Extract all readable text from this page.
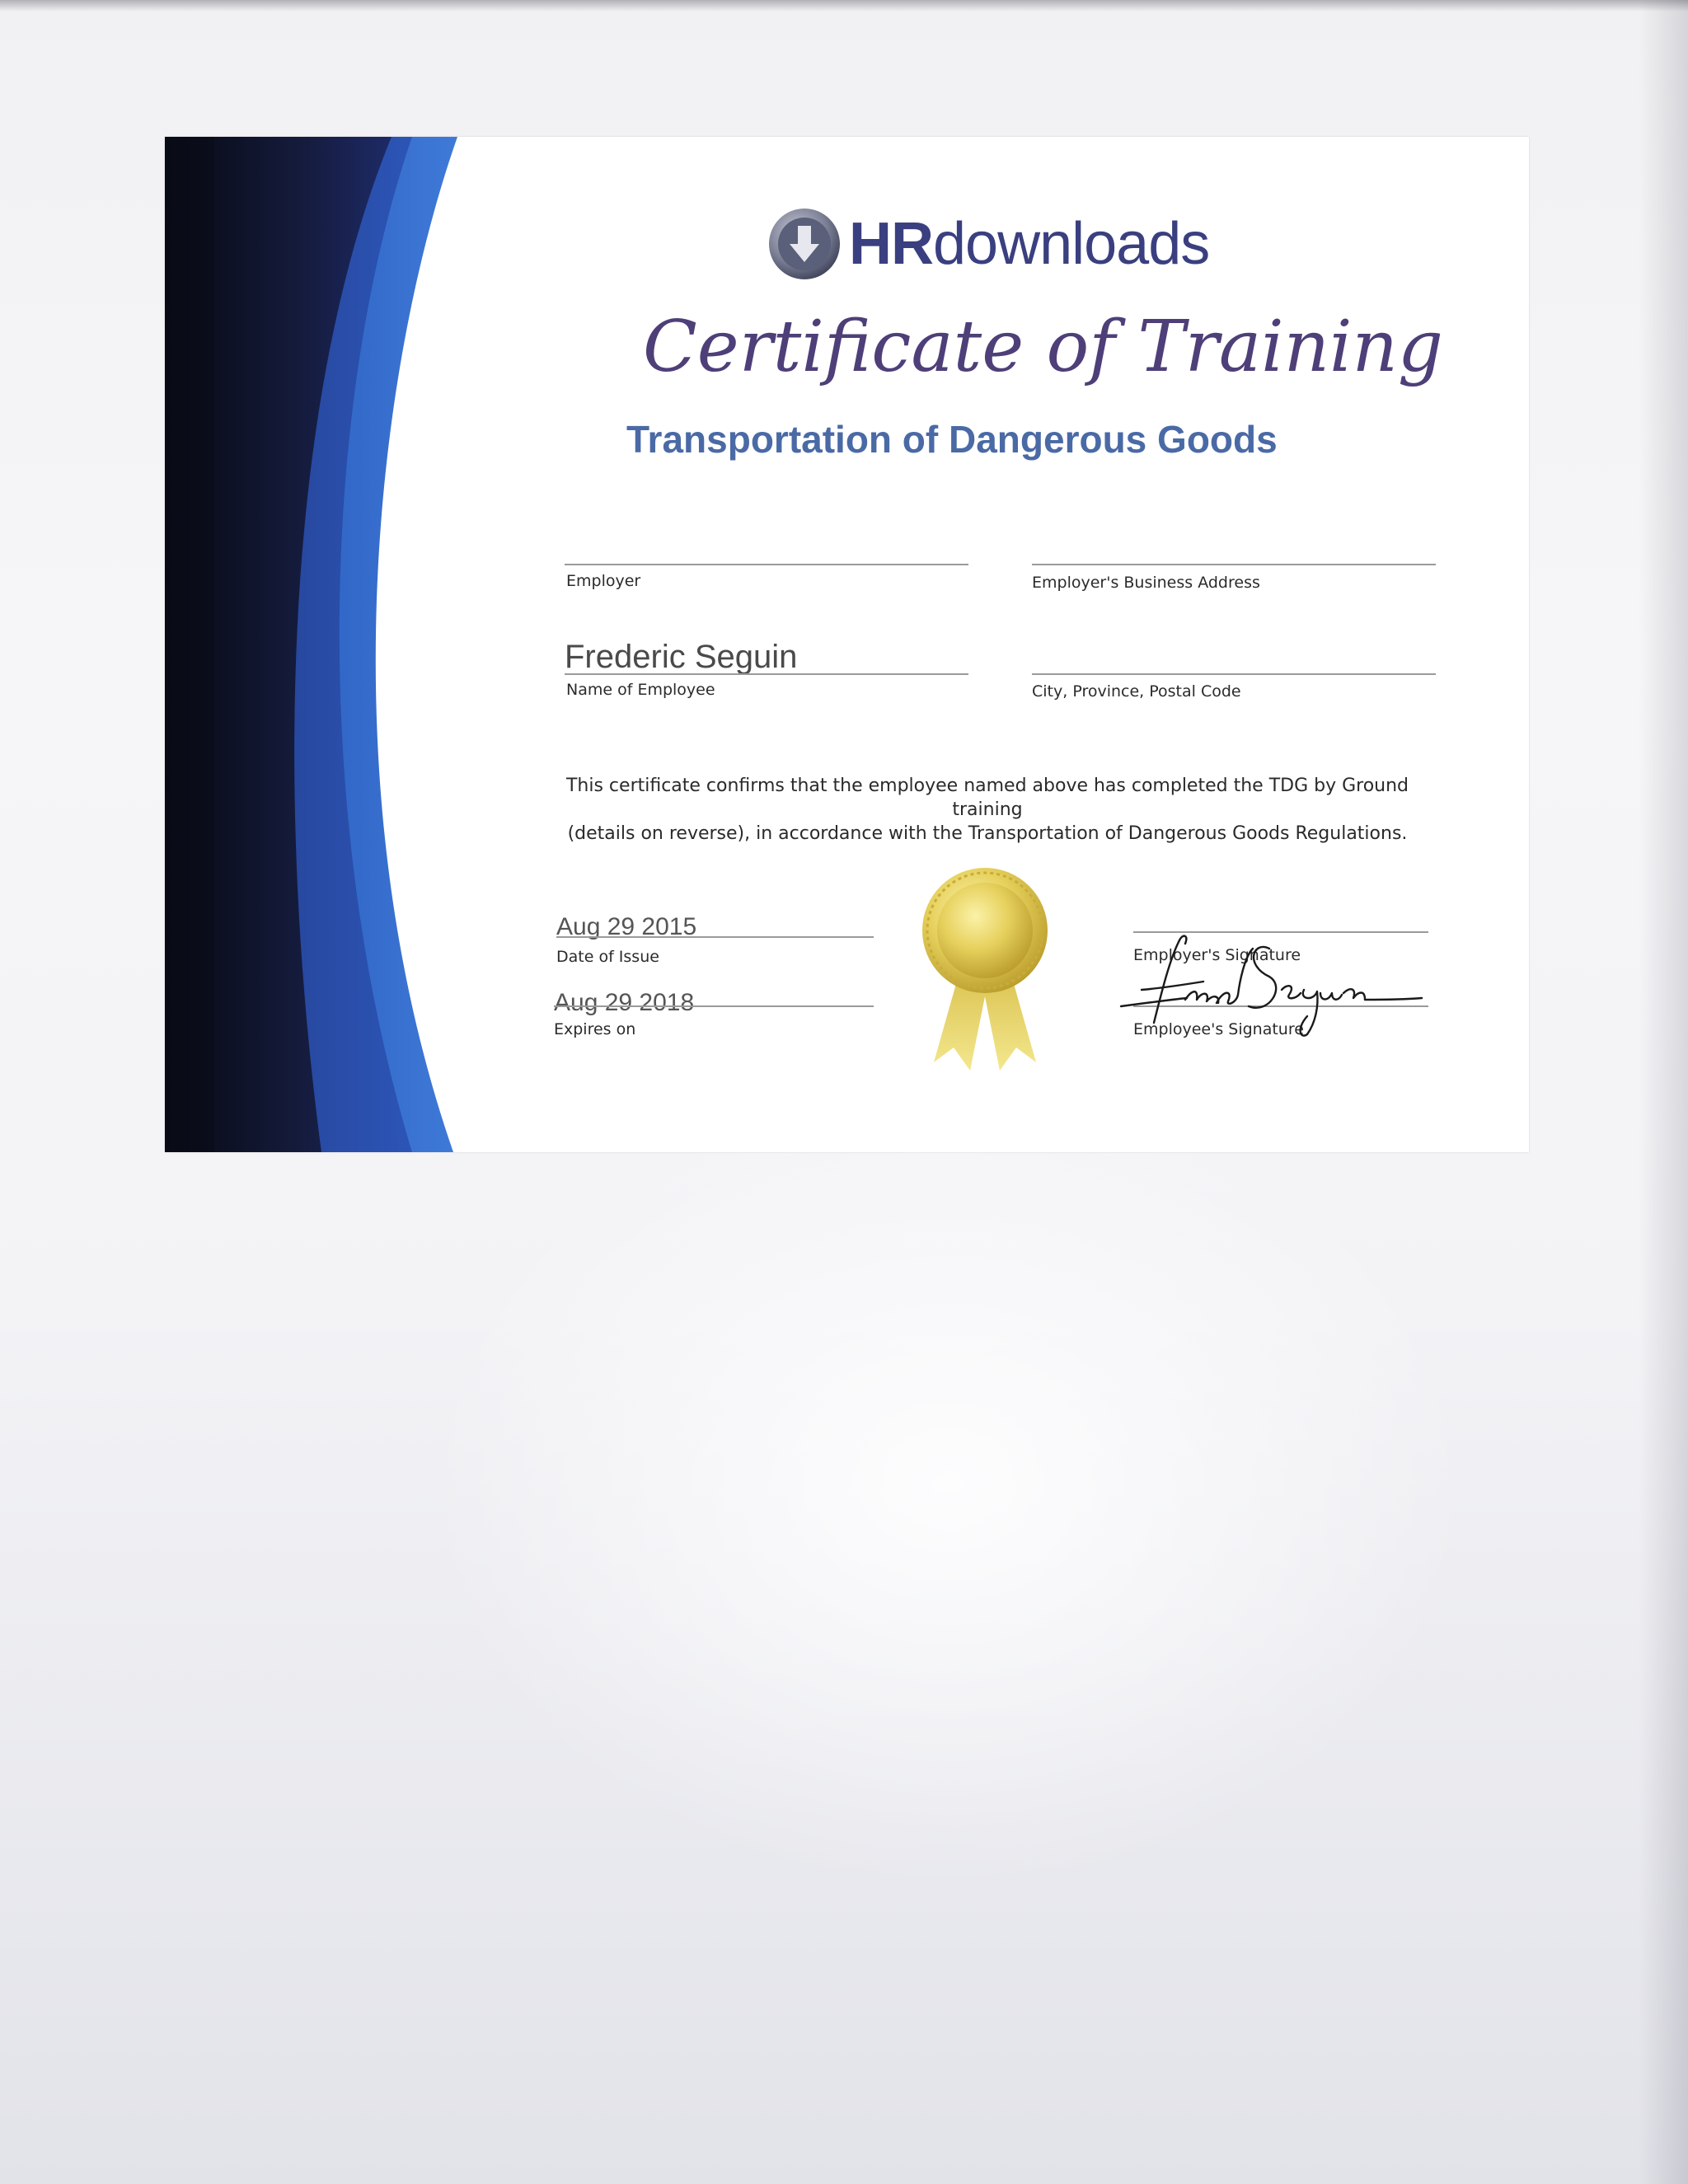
HRdownloads
Certificate of Training
Transportation of Dangerous Goods
Employer	Employer's Business Address
Frederic Seguin
Name of Employee	City, Province, Postal Code
This certificate confirms that the employee named above has completed the TDG by Ground training
(details on reverse), in accordance with the Transportation of Dangerous Goods Regulations.
Aug 29 2015
Date of Issue
Aug 29 2018
Expires on
Employer's Signature
Employee's Signature
